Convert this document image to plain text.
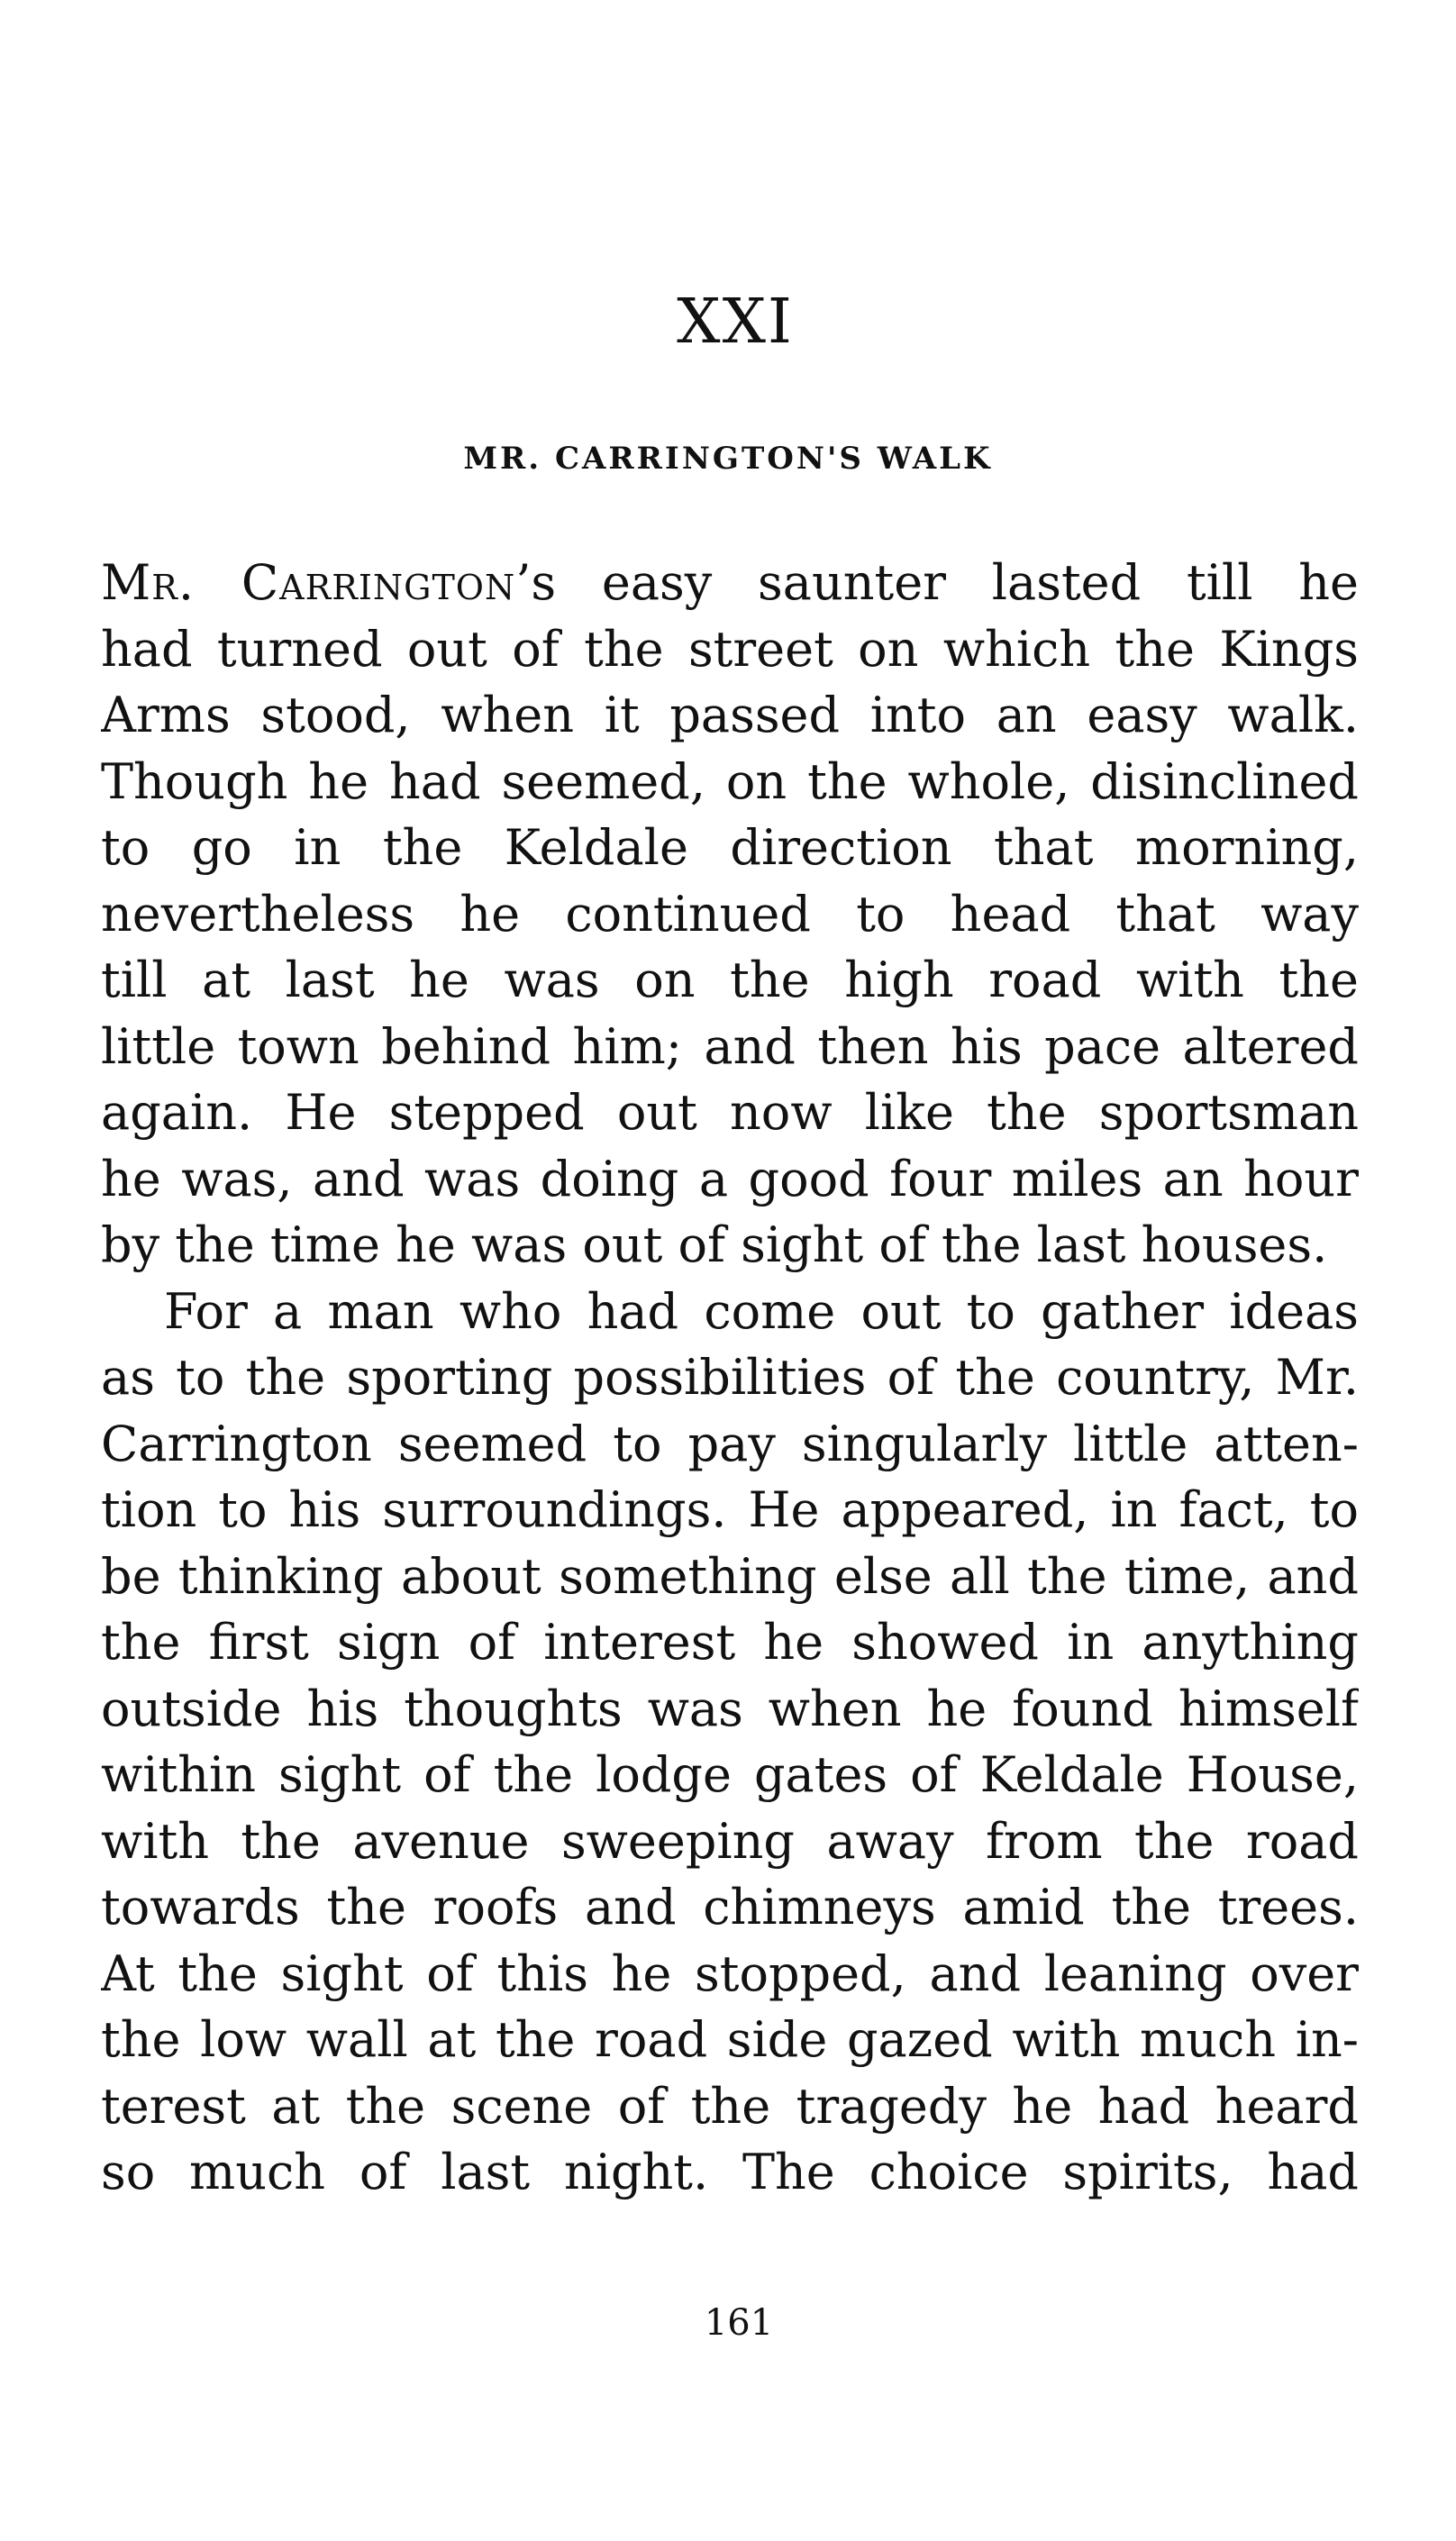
XXI
MR. CARRINGTON'S WALK
Mr. Carrington’s easy saunter lasted till he
had turned out of the street on which the Kings
Arms stood, when it passed into an easy walk.
Though he had seemed, on the whole, disinclined
to go in the Keldale direction that morning,
nevertheless he continued to head that way
till at last he was on the high road with the
little town behind him; and then his pace altered
again. He stepped out now like the sportsman
he was, and was doing a good four miles an hour
by the time he was out of sight of the last houses.
For a man who had come out to gather ideas
as to the sporting possibilities of the country, Mr.
Carrington seemed to pay singularly little atten-
tion to his surroundings. He appeared, in fact, to
be thinking about something else all the time, and
the first sign of interest he showed in anything
outside his thoughts was when he found himself
within sight of the lodge gates of Keldale House,
with the avenue sweeping away from the road
towards the roofs and chimneys amid the trees.
At the sight of this he stopped, and leaning over
the low wall at the road side gazed with much in-
terest at the scene of the tragedy he had heard
so much of last night. The choice spirits, had
161
